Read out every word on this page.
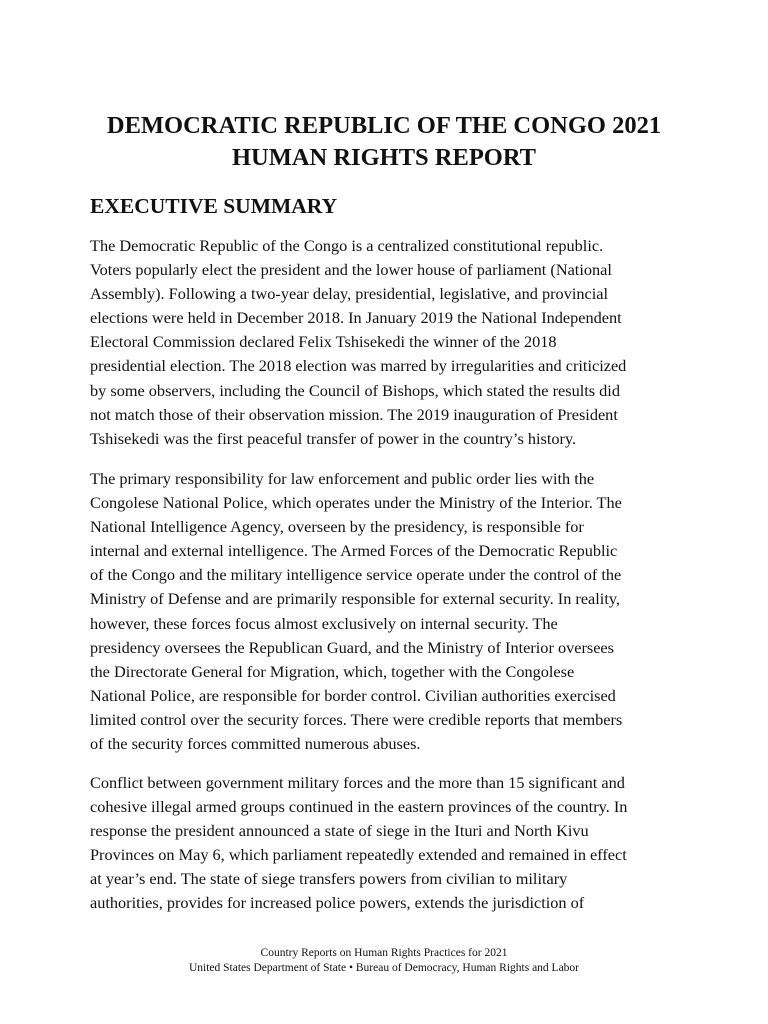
DEMOCRATIC REPUBLIC OF THE CONGO 2021
HUMAN RIGHTS REPORT
EXECUTIVE SUMMARY

The Democratic Republic of the Congo is a centralized constitutional republic.
Voters popularly elect the president and the lower house of parliament (National
Assembly). Following a two-year delay, presidential, legislative, and provincial
elections were held in December 2018. In January 2019 the National Independent
Electoral Commission declared Felix Tshisekedi the winner of the 2018
presidential election. The 2018 election was marred by irregularities and criticized
by some observers, including the Council of Bishops, which stated the results did
not match those of their observation mission. The 2019 inauguration of President
Tshisekedi was the first peaceful transfer of power in the country’s history.

The primary responsibility for law enforcement and public order lies with the
Congolese National Police, which operates under the Ministry of the Interior. The
National Intelligence Agency, overseen by the presidency, is responsible for
internal and external intelligence. The Armed Forces of the Democratic Republic
of the Congo and the military intelligence service operate under the control of the
Ministry of Defense and are primarily responsible for external security. In reality,
however, these forces focus almost exclusively on internal security. The
presidency oversees the Republican Guard, and the Ministry of Interior oversees
the Directorate General for Migration, which, together with the Congolese
National Police, are responsible for border control. Civilian authorities exercised
limited control over the security forces. There were credible reports that members
of the security forces committed numerous abuses.

Conflict between government military forces and the more than 15 significant and
cohesive illegal armed groups continued in the eastern provinces of the country. In
response the president announced a state of siege in the Ituri and North Kivu
Provinces on May 6, which parliament repeatedly extended and remained in effect
at year’s end. The state of siege transfers powers from civilian to military
authorities, provides for increased police powers, extends the jurisdiction of

Country Reports on Human Rights Practices for 2021
United States Department of State • Bureau of Democracy, Human Rights and Labor
